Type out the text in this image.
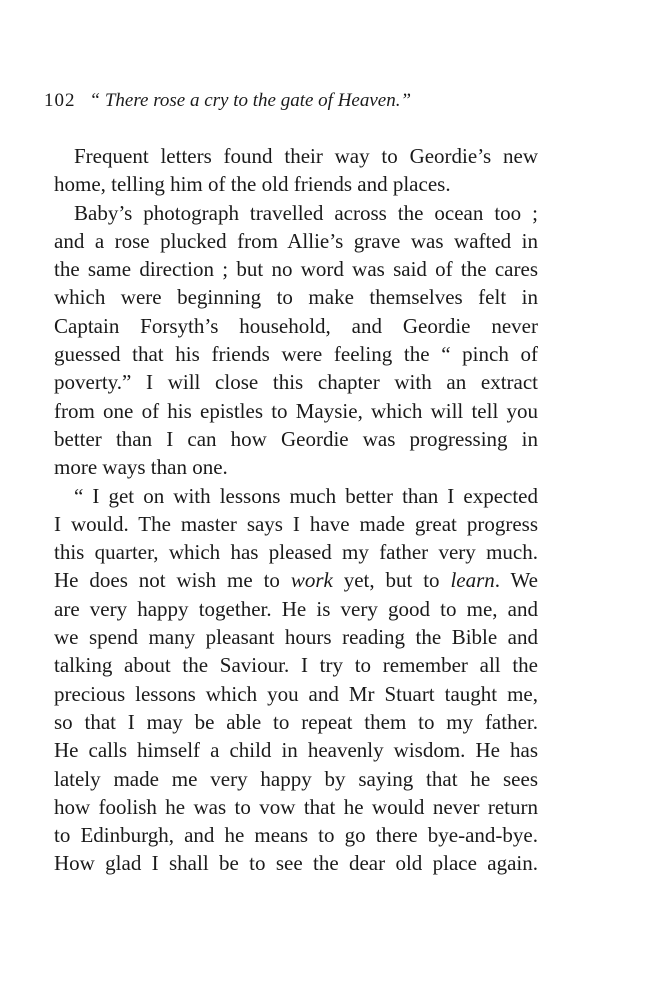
102 “ There rose a cry to the gate of Heaven.”
Frequent letters found their way to Geordie’s new
home, telling him of the old friends and places.
Baby’s photograph travelled across the ocean too ;
and a rose plucked from Allie’s grave was wafted in
the same direction ; but no word was said of the cares
which were beginning to make themselves felt in
Captain Forsyth’s household, and Geordie never
guessed that his friends were feeling the “ pinch of
poverty.” I will close this chapter with an extract
from one of his epistles to Maysie, which will tell you
better than I can how Geordie was progressing in
more ways than one.
“ I get on with lessons much better than I expected
I would. The master says I have made great progress
this quarter, which has pleased my father very much.
He does not wish me to work yet, but to learn. We
are very happy together. He is very good to me, and
we spend many pleasant hours reading the Bible and
talking about the Saviour. I try to remember all the
precious lessons which you and Mr Stuart taught me,
so that I may be able to repeat them to my father.
He calls himself a child in heavenly wisdom. He has
lately made me very happy by saying that he sees
how foolish he was to vow that he would never return
to Edinburgh, and he means to go there bye-and-bye.
How glad I shall be to see the dear old place again.
